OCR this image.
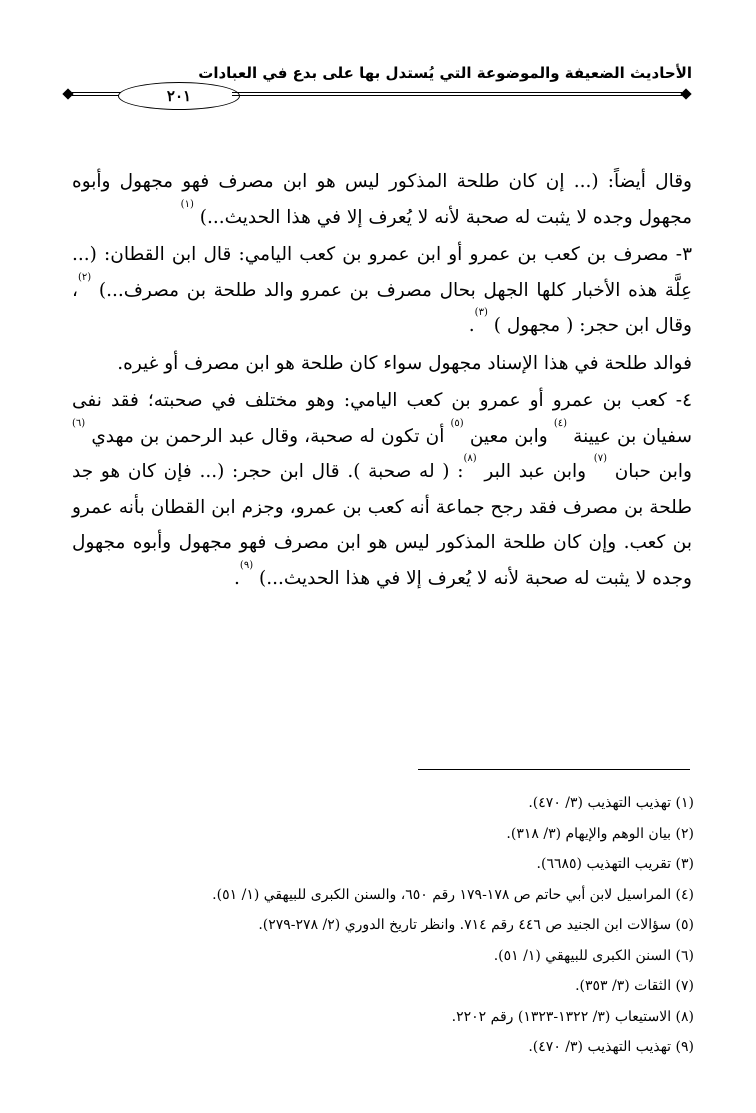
الأحاديث الضعيفة والموضوعة التي يُستدل بها على بدع في العبادات
٢٠١

وقال أيضاً: (... إن كان طلحة المذكور ليس هو ابن مصرف فهو مجهول وأبوه مجهول وجده لا يثبت له صحبة لأنه لا يُعرف إلا في هذا الحديث...) $^{(١)}$

٣- مصرف بن كعب بن عمرو أو ابن عمرو بن كعب اليامي: قال ابن القطان: (... عِلَّة هذه الأخبار كلها الجهل بحال مصرف بن عمرو والد طلحة بن مصرف...) $^{(٢)}$، وقال ابن حجر: ( مجهول ) $^{(٣)}$.

فوالد طلحة في هذا الإسناد مجهول سواء كان طلحة هو ابن مصرف أو غيره.

٤- كعب بن عمرو أو عمرو بن كعب اليامي: وهو مختلف في صحبته؛ فقد نفى سفيان بن عيينة $^{(٤)}$ وابن معين $^{(٥)}$ أن تكون له صحبة، وقال عبد الرحمن بن مهدي $^{(٦)}$ وابن حبان $^{(٧)}$ وابن عبد البر $^{(٨)}$: ( له صحبة ). قال ابن حجر: (... فإن كان هو جد طلحة بن مصرف فقد رجح جماعة أنه كعب بن عمرو، وجزم ابن القطان بأنه عمرو بن كعب. وإن كان طلحة المذكور ليس هو ابن مصرف فهو مجهول وأبوه مجهول وجده لا يثبت له صحبة لأنه لا يُعرف إلا في هذا الحديث...) $^{(٩)}$.

(١) تهذيب التهذيب (٣/ ٤٧٠).
(٢) بيان الوهم والإيهام (٣/ ٣١٨).
(٣) تقريب التهذيب (٦٦٨٥).
(٤) المراسيل لابن أبي حاتم ص ١٧٨-١٧٩ رقم ٦٥٠، والسنن الكبرى للبيهقي (١/ ٥١).
(٥) سؤالات ابن الجنيد ص ٤٤٦ رقم ٧١٤. وانظر تاريخ الدوري (٢/ ٢٧٨-٢٧٩).
(٦) السنن الكبرى للبيهقي (١/ ٥١).
(٧) الثقات (٣/ ٣٥٣).
(٨) الاستيعاب (٣/ ١٣٢٢-١٣٢٣) رقم ٢٢٠٢.
(٩) تهذيب التهذيب (٣/ ٤٧٠).
